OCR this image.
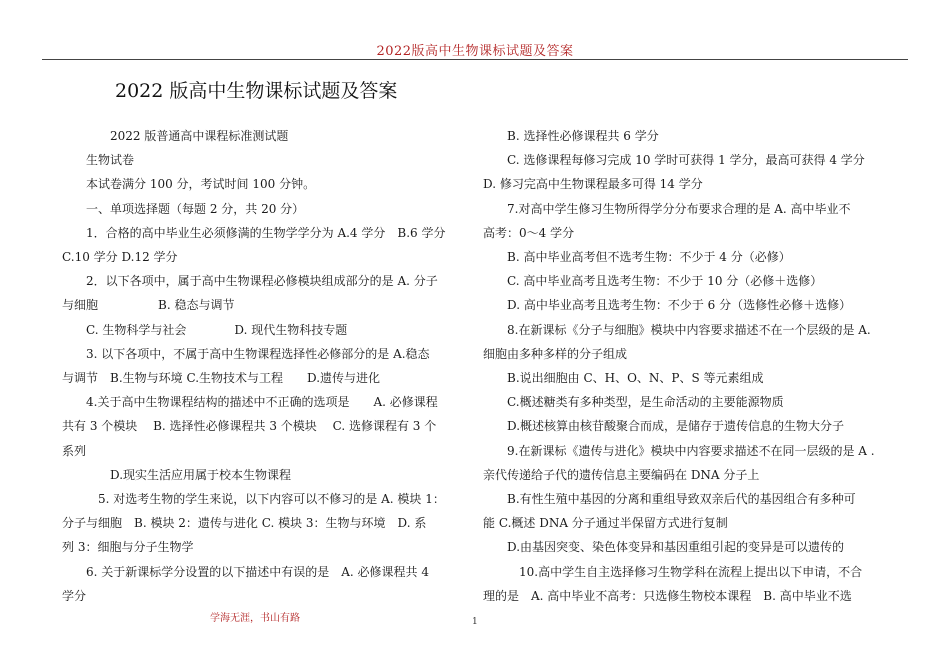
2022版高中生物课标试题及答案
2022 版高中生物课标试题及答案
　　　　2022 版普通高中课程标准测试题
　　生物试卷
　　本试卷满分 100 分，考试时间 100 分钟。
　　一、单项选择题（每题 2 分，共 20 分）
　　1．合格的高中毕业生必须修满的生物学学分为 A.4 学分　B.6 学分
C.10 学分 D.12 学分
　　2．以下各项中，属于高中生物课程必修模块组成部分的是 A. 分子
与细胞　　　　　B. 稳态与调节
　　C. 生物科学与社会　　　　D. 现代生物科技专题
　　3. 以下各项中，不属于高中生物课程选择性必修部分的是 A.稳态
与调节　B.生物与环境 C.生物技术与工程　　D.遗传与进化
　　4.关于高中生物课程结构的描述中不正确的选项是　　A. 必修课程
共有 3 个模块　 B. 选择性必修课程共 3 个模块　 C. 选修课程有 3 个
系列
　　　　D.现实生活应用属于校本生物课程
　　　5. 对选考生物的学生来说，以下内容可以不修习的是 A. 模块 1：
分子与细胞　B. 模块 2：遗传与进化 C. 模块 3：生物与环境　D. 系
列 3：细胞与分子生物学
　　6. 关于新课标学分设置的以下描述中有误的是　A. 必修课程共 4
学分
　　B. 选择性必修课程共 6 学分
　　C. 选修课程每修习完成 10 学时可获得 1 学分，最高可获得 4 学分
D. 修习完高中生物课程最多可得 14 学分
　　7.对高中学生修习生物所得学分分布要求合理的是 A. 高中毕业不
高考：0～4 学分
　　B. 高中毕业高考但不选考生物：不少于 4 分（必修）
　　C. 高中毕业高考且选考生物：不少于 10 分（必修＋选修）
　　D. 高中毕业高考且选考生物：不少于 6 分（选修性必修＋选修）
　　8.在新课标《分子与细胞》模块中内容要求描述不在一个层级的是 A.
细胞由多种多样的分子组成
　　B.说出细胞由 C、H、O、N、P、S 等元素组成
　　C.概述糖类有多种类型，是生命活动的主要能源物质
　　D.概述核算由核苷酸聚合而成，是储存于遗传信息的生物大分子
　　9.在新课标《遗传与进化》模块中内容要求描述不在同一层级的是 A .
亲代传递给子代的遗传信息主要编码在 DNA 分子上
　　B.有性生殖中基因的分离和重组导致双亲后代的基因组合有多种可
能 C.概述 DNA 分子通过半保留方式进行复制
　　D.由基因突变、染色体变异和基因重组引起的变异是可以遗传的
　　　10.高中学生自主选择修习生物学科在流程上提出以下申请，不合
理的是　A. 高中毕业不高考：只选修生物校本课程　B. 高中毕业不选
学海无涯，书山有路	1
